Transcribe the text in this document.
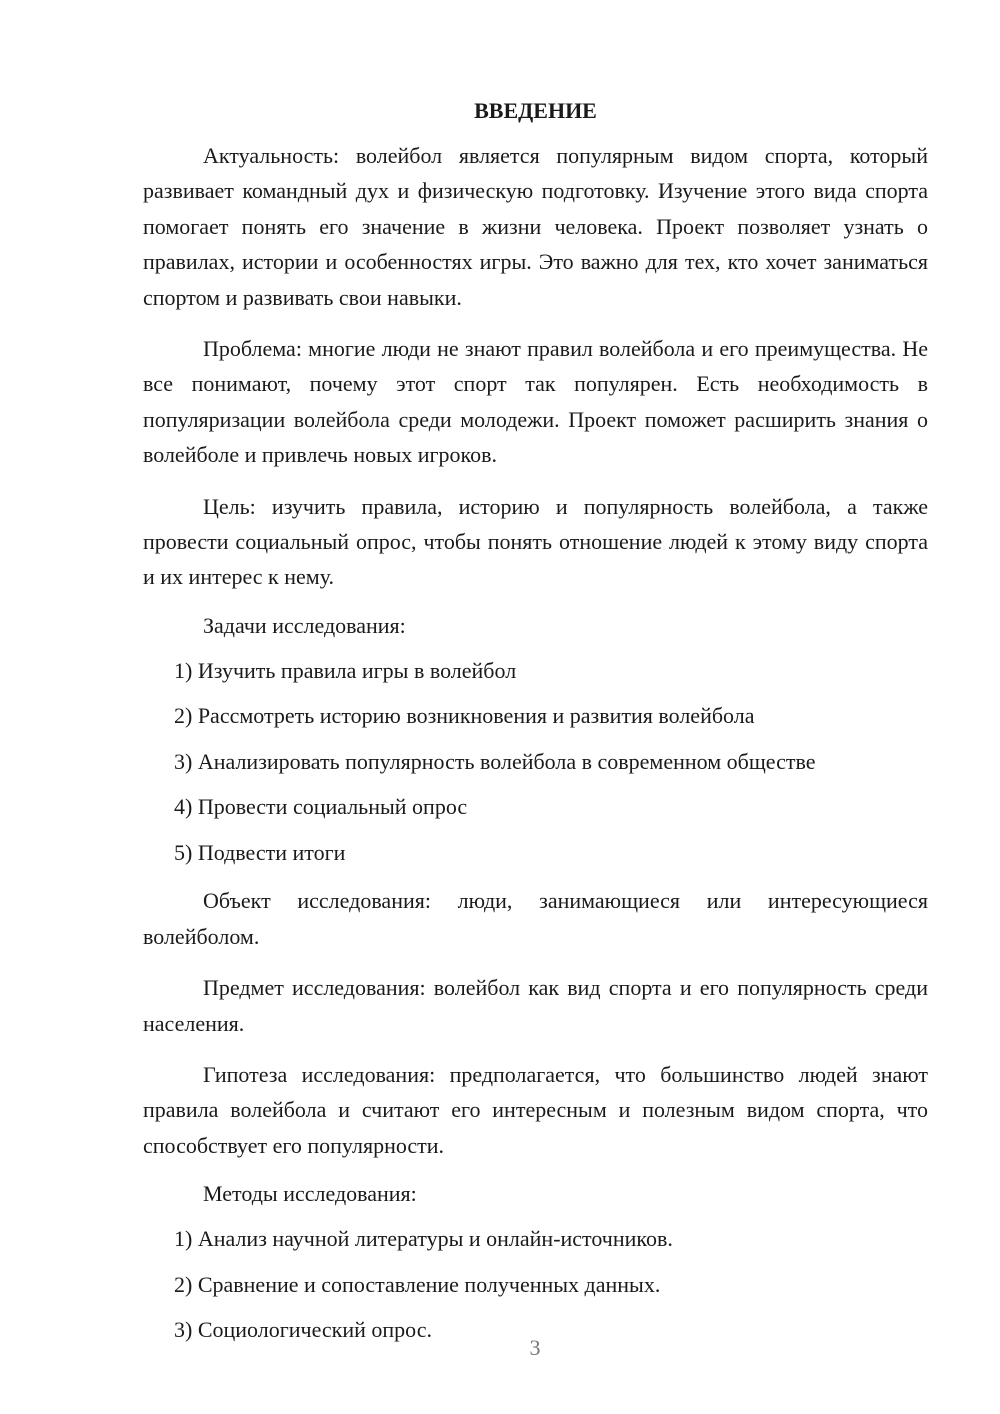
ВВЕДЕНИЕ

Актуальность: волейбол является популярным видом спорта, который развивает командный дух и физическую подготовку. Изучение этого вида спорта помогает понять его значение в жизни человека. Проект позволяет узнать о правилах, истории и особенностях игры. Это важно для тех, кто хочет заниматься спортом и развивать свои навыки.

Проблема: многие люди не знают правил волейбола и его преимущества. Не все понимают, почему этот спорт так популярен. Есть необходимость в популяризации волейбола среди молодежи. Проект поможет расширить знания о волейболе и привлечь новых игроков.

Цель: изучить правила, историю и популярность волейбола, а также провести социальный опрос, чтобы понять отношение людей к этому виду спорта и их интерес к нему.

Задачи исследования:

1) Изучить правила игры в волейбол
2) Рассмотреть историю возникновения и развития волейбола
3) Анализировать популярность волейбола в современном обществе
4) Провести социальный опрос
5) Подвести итоги

Объект исследования: люди, занимающиеся или интересующиеся волейболом.

Предмет исследования: волейбол как вид спорта и его популярность среди населения.

Гипотеза исследования: предполагается, что большинство людей знают правила волейбола и считают его интересным и полезным видом спорта, что способствует его популярности.

Методы исследования:

1) Анализ научной литературы и онлайн-источников.
2) Сравнение и сопоставление полученных данных.
3) Социологический опрос.
3
